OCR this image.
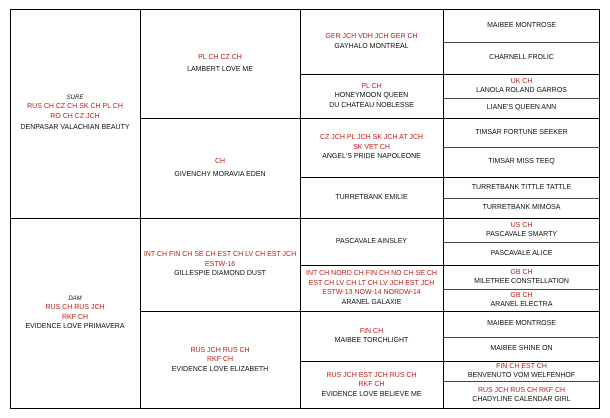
SURE
RUS CH CZ CH SK CH PL CH
RO CH CZ JCH
DENPASAR VALACHIAN BEAUTY
DAM
RUS CH RUS JCH
RKF CH
EVIDENCE LOVE PRIMAVERA
PL CH CZ CH
LAMBERT LOVE ME
CH
GIVENCHY MORAVIA EDEN
INT CH FIN CH SE CH EST CH LV CH EST JCH
ESTW-16
GILLESPIE DIAMOND DUST
RUS JCH RUS CH
RKF CH
EVIDENCE LOVE ELIZABETH
GER JCH VDH JCH GER CH
GAYHALO MONTREAL
PL CH
HONEYMOON QUEEN
DU CHATEAU NOBLESSE
CZ JCH PL JCH SK JCH AT JCH
SK VET CH
ANGEL'S PRIDE NAPOLEONE
TURRETBANK EMILIE
PASCAVALE AINSLEY
INT CH NORD CH FIN CH NO CH SE CH
EST CH LV CH LT CH LV JCH EST JCH
ESTW-13 NOW-14 NORDW-14
ARANEL GALAXIE
FIN CH
MAIBEE TORCHLIGHT
RUS JCH EST JCH RUS CH
RKF CH
EVIDENCE LOVE BELIEVE ME
MAIBEE MONTROSE
CHARNELL FROLIC
UK CH
LANOLA ROLAND GARROS
LIANE'S QUEEN ANN
TIMSAR FORTUNE SEEKER
TIMSAR MISS TEEQ
TURRETBANK TITTLE TATTLE
TURRETBANK MIMOSA
US CH
PASCAVALE SMARTY
PASCAVALE ALICE
GB CH
MILETREE CONSTELLATION
GB CH
ARANEL ELECTRA
MAIBEE MONTROSE
MAIBEE SHINE ON
FIN CH EST CH
BENVENUTO VOM WELFENHOF
RUS JCH RUS CH RKF CH
CHADYLINE CALENDAR GIRL
